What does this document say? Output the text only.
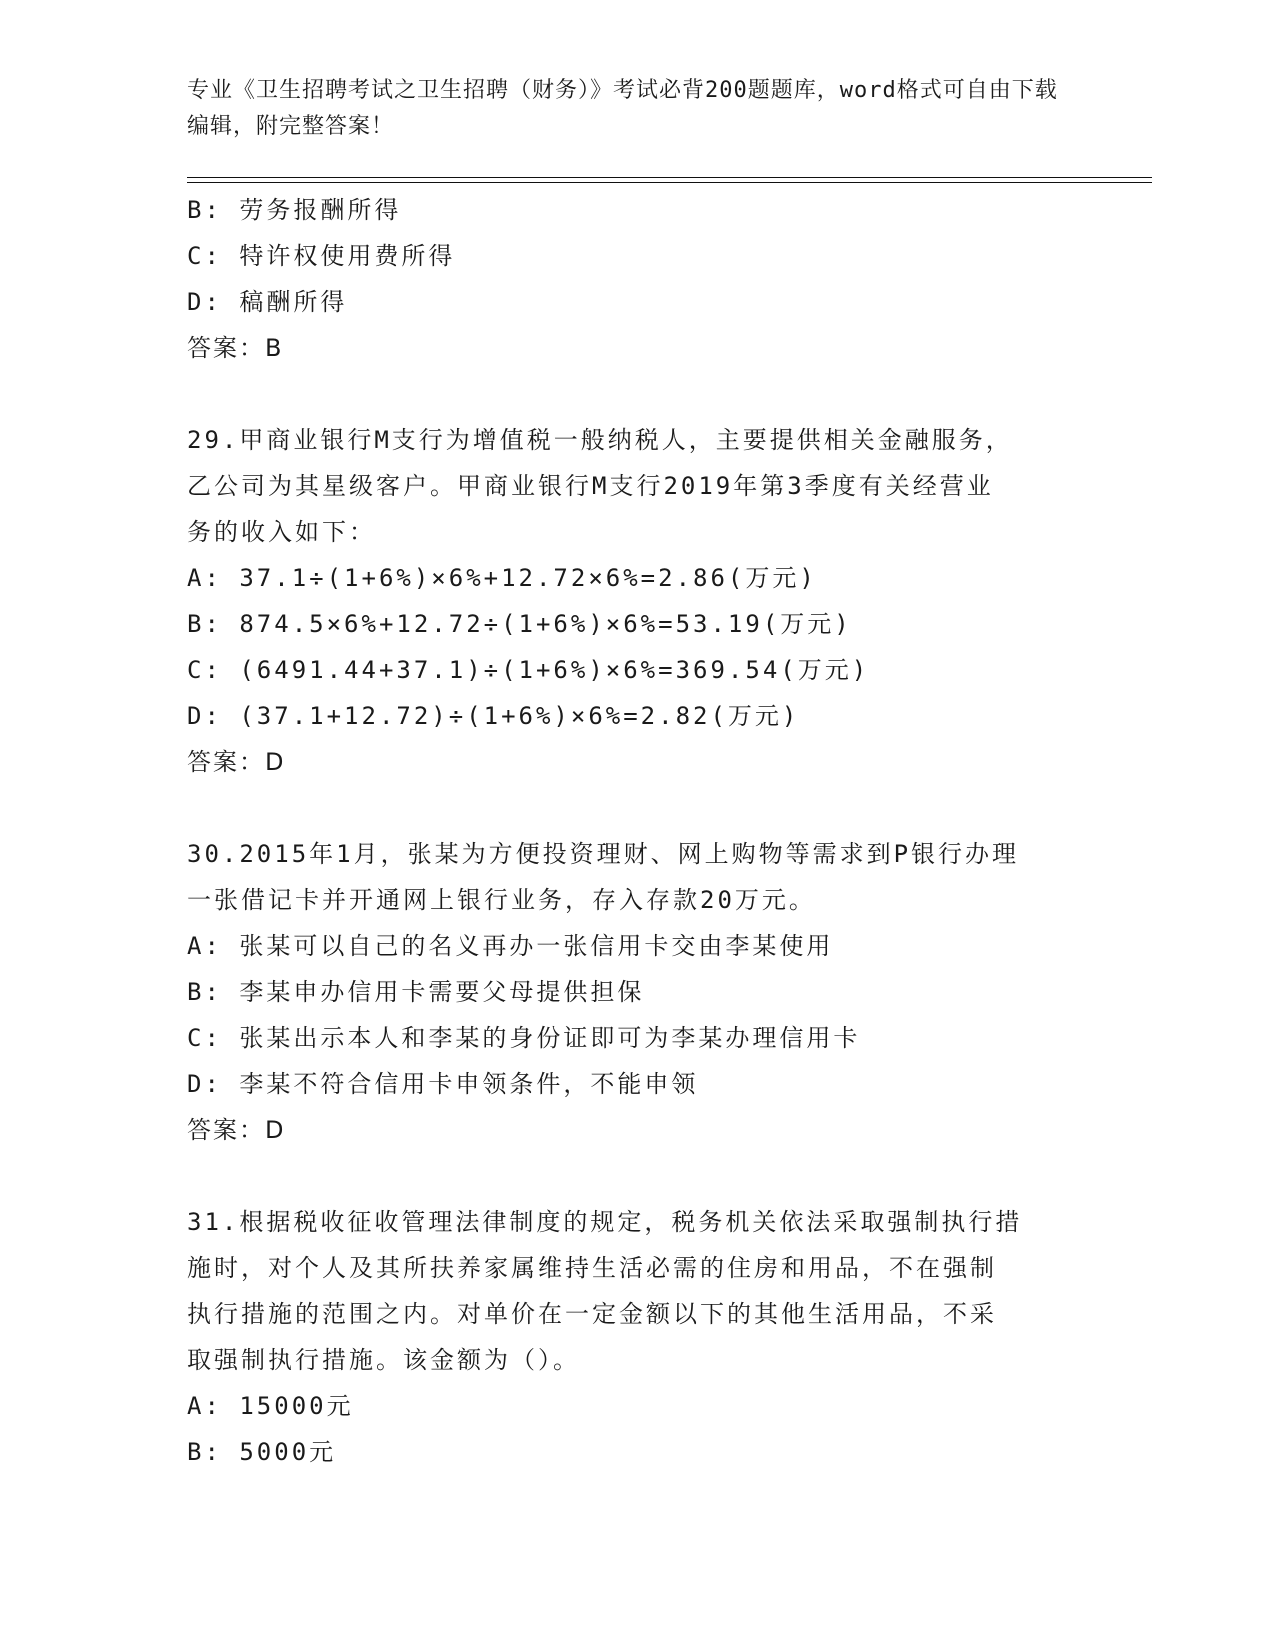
专业《卫生招聘考试之卫生招聘（财务）》考试必背200题题库，word格式可自由下载编辑，附完整答案！
B: 劳务报酬所得
C: 特许权使用费所得
D: 稿酬所得
答案：B
29.甲商业银行M支行为增值税一般纳税人，主要提供相关金融服务，
乙公司为其星级客户。甲商业银行M支行2019年第3季度有关经营业
务的收入如下：
A: 37.1÷(1+6%)×6%+12.72×6%=2.86(万元)
B: 874.5×6%+12.72÷(1+6%)×6%=53.19(万元)
C: (6491.44+37.1)÷(1+6%)×6%=369.54(万元)
D: (37.1+12.72)÷(1+6%)×6%=2.82(万元)
答案：D
30.2015年1月，张某为方便投资理财、网上购物等需求到P银行办理
一张借记卡并开通网上银行业务，存入存款20万元。
A: 张某可以自己的名义再办一张信用卡交由李某使用
B: 李某申办信用卡需要父母提供担保
C: 张某出示本人和李某的身份证即可为李某办理信用卡
D: 李某不符合信用卡申领条件，不能申领
答案：D
31.根据税收征收管理法律制度的规定，税务机关依法采取强制执行措
施时，对个人及其所扶养家属维持生活必需的住房和用品，不在强制
执行措施的范围之内。对单价在一定金额以下的其他生活用品，不采
取强制执行措施。该金额为（）。
A: 15000元
B: 5000元
